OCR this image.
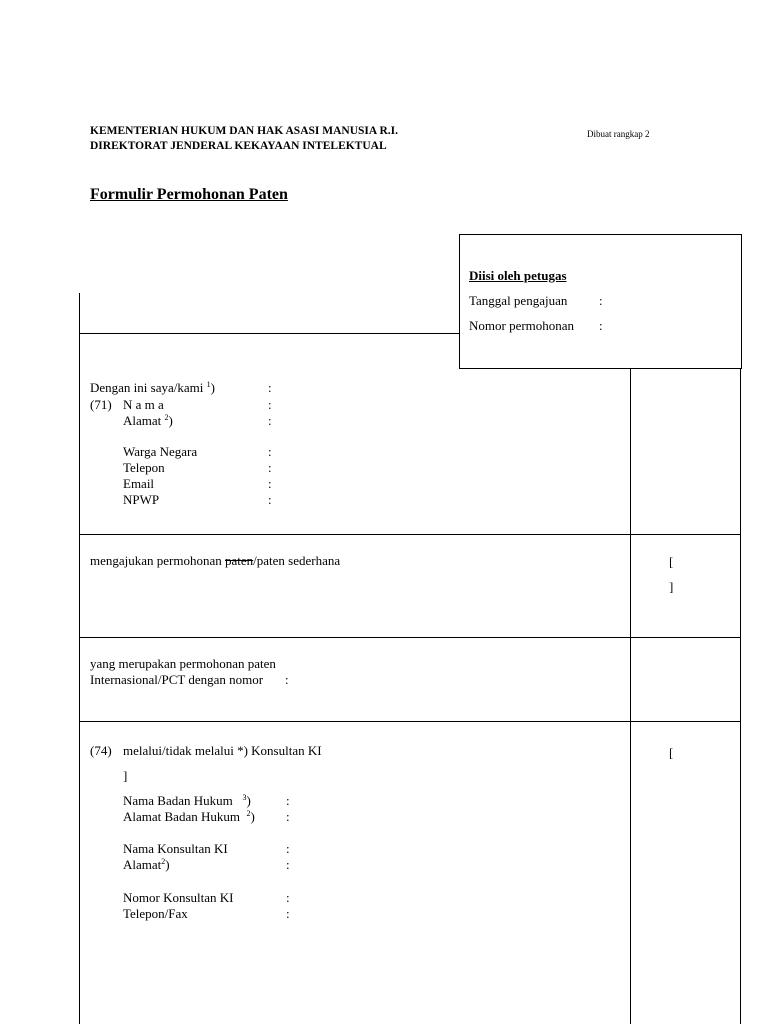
KEMENTERIAN HUKUM DAN HAK ASASI MANUSIA R.I.
DIREKTORAT JENDERAL KEKAYAAN INTELEKTUAL
Dibuat rangkap 2
Formulir Permohonan Paten
Diisi oleh petugas
Tanggal pengajuan :
Nomor permohonan :
Dengan ini saya/kami $^1$)	:
(71) N a m a	:
Alamat $^2$)	:
Warga Negara	:
Telepon	:
Email	:
NPWP	:
mengajukan permohonan paten/paten sederhana	[
]
yang merupakan permohonan paten
Internasional/PCT dengan nomor :
(74) melalui/tidak melalui *) Konsultan KI	[
]
Nama Badan Hukum $^3$)	:
Alamat Badan Hukum $^2$) :
Nama Konsultan KI	:
Alamat$^2$)	:
Nomor Konsultan KI	:
Telepon/Fax	:
